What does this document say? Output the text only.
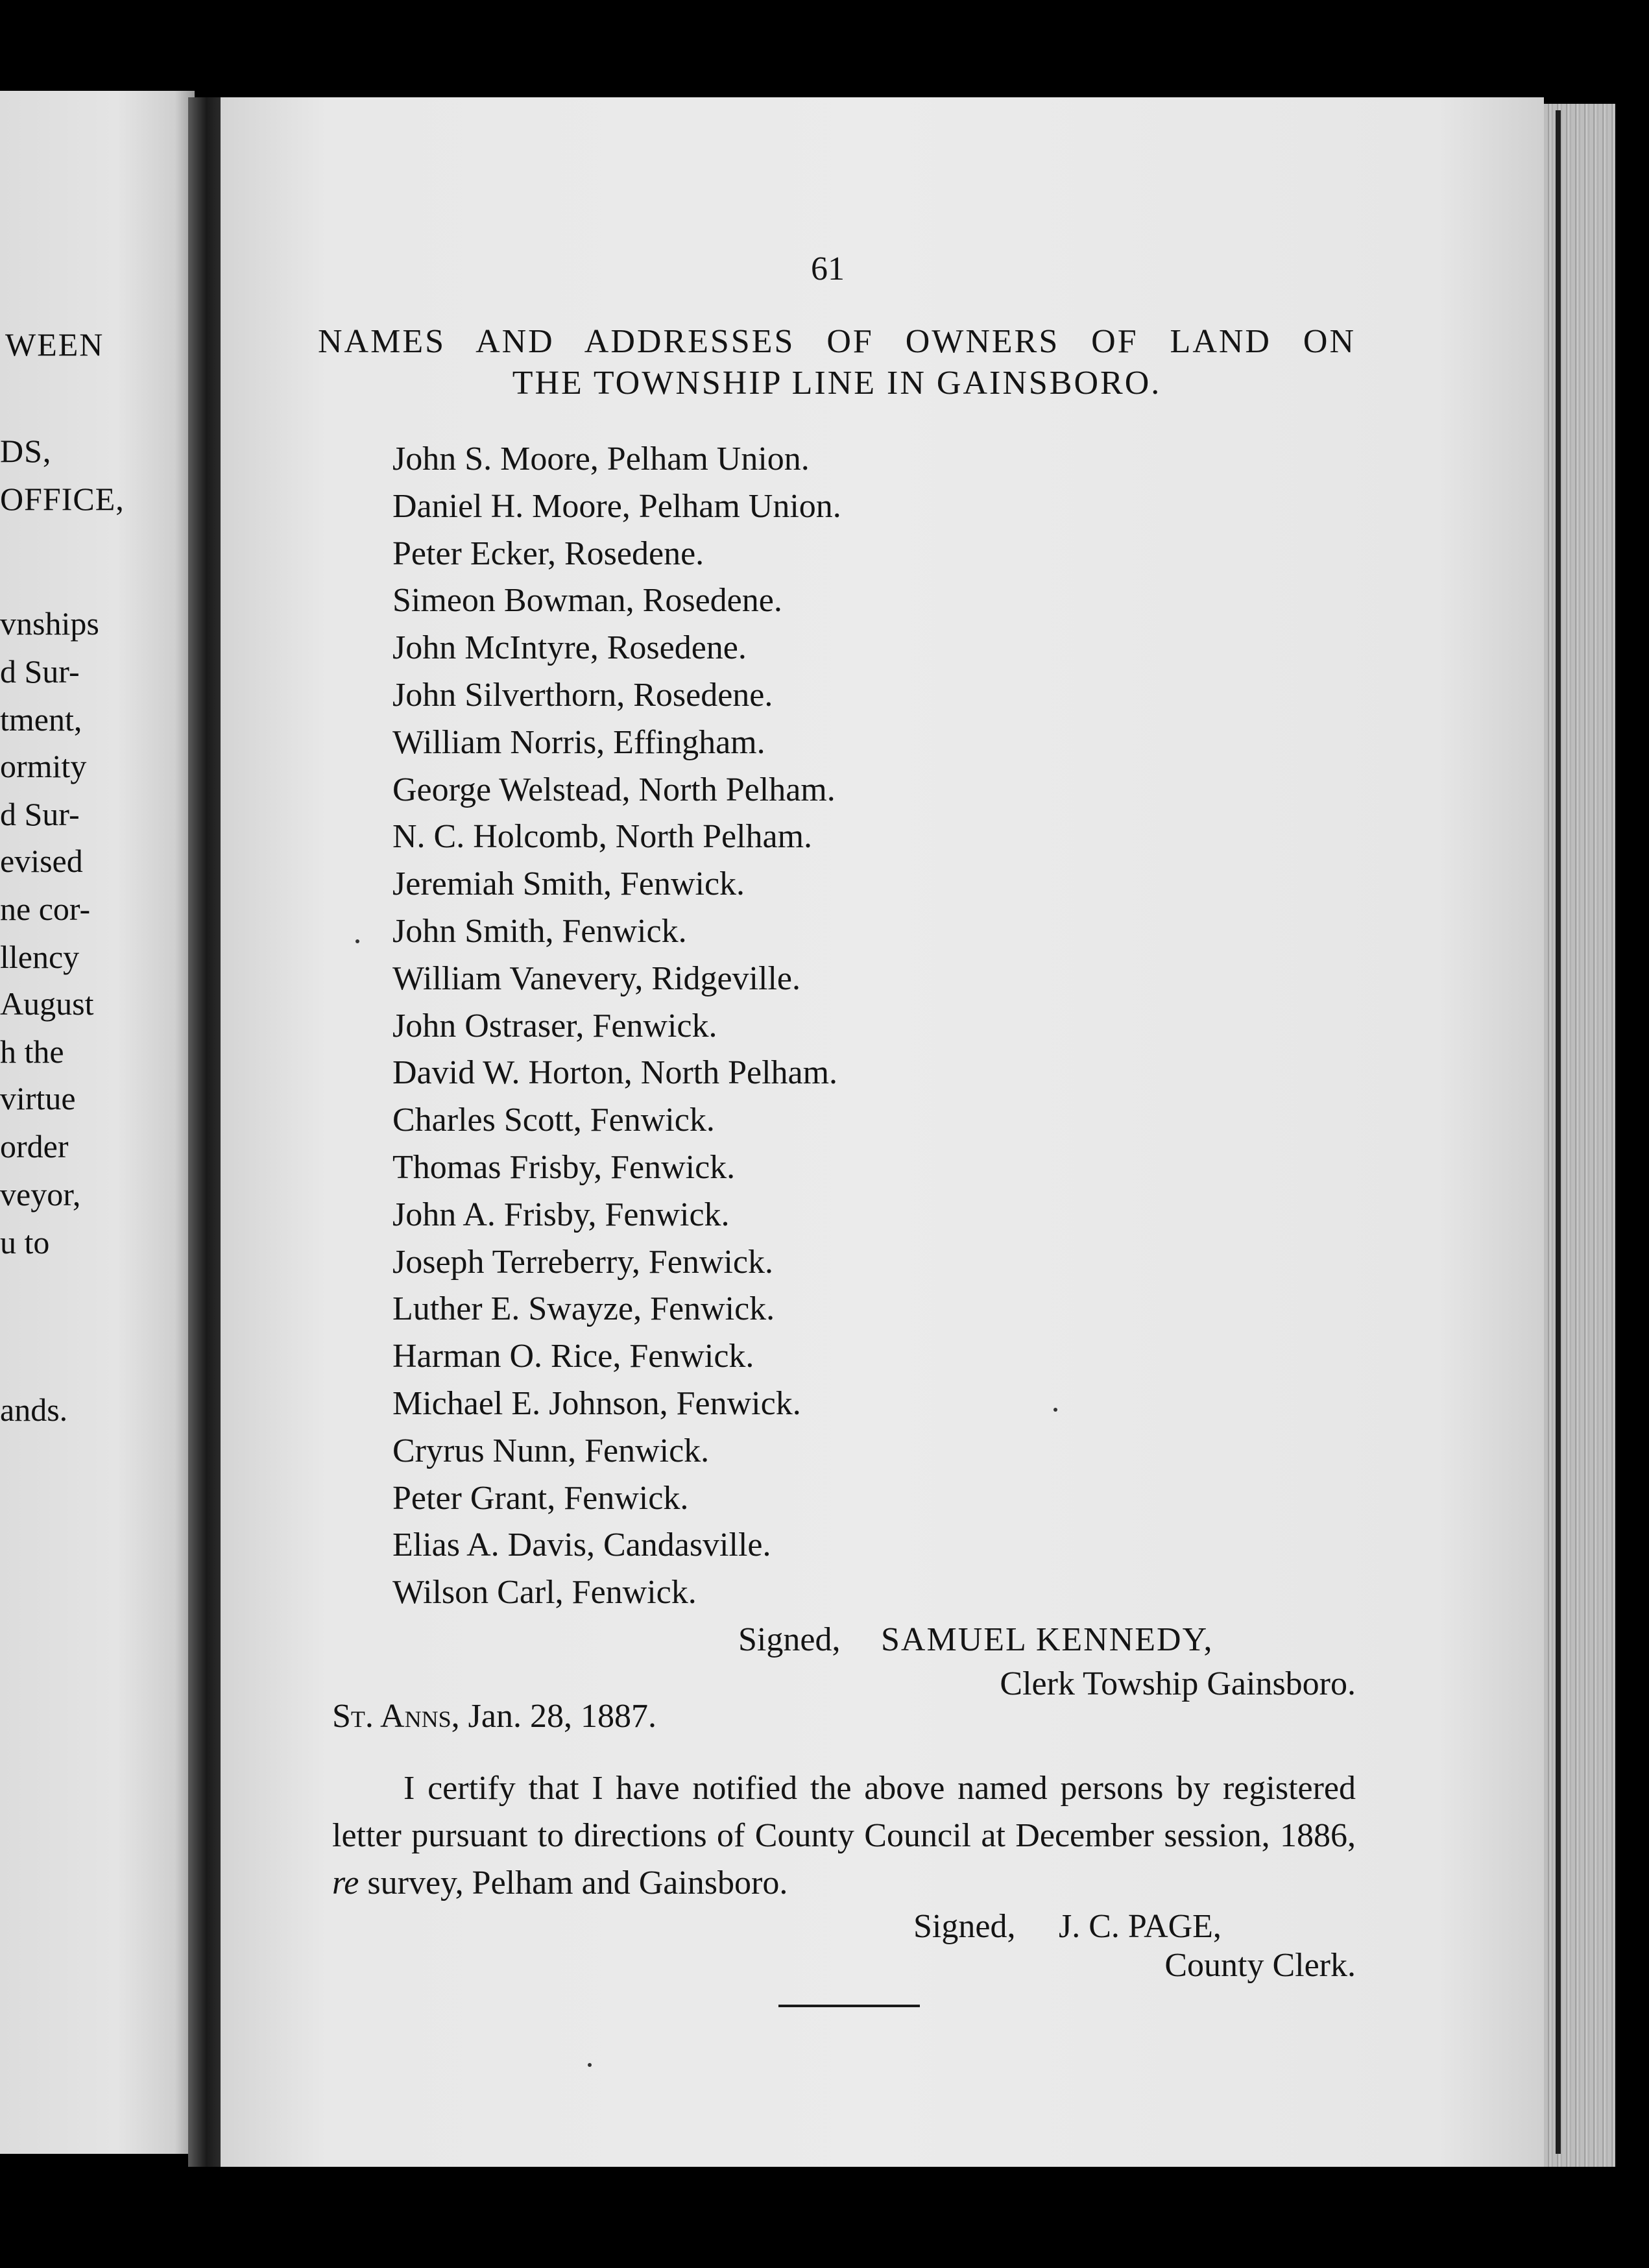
WEEN
DS,
OFFICE,
vnships
d Sur-
tment,
ormity
d Sur-
evised
ne cor-
llency
August
h the
virtue
order
veyor,
u to
ands.
61
NAMES AND ADDRESSES OF OWNERS OF LAND ON
THE TOWNSHIP LINE IN GAINSBORO.
John S. Moore, Pelham Union.
Daniel H. Moore, Pelham Union.
Peter Ecker, Rosedene.
Simeon Bowman, Rosedene.
John McIntyre, Rosedene.
John Silverthorn, Rosedene.
William Norris, Effingham.
George Welstead, North Pelham.
N. C. Holcomb, North Pelham.
Jeremiah Smith, Fenwick.
John Smith, Fenwick.
William Vanevery, Ridgeville.
John Ostraser, Fenwick.
David W. Horton, North Pelham.
Charles Scott, Fenwick.
Thomas Frisby, Fenwick.
John A. Frisby, Fenwick.
Joseph Terreberry, Fenwick.
Luther E. Swayze, Fenwick.
Harman O. Rice, Fenwick.
Michael E. Johnson, Fenwick.
Cryrus Nunn, Fenwick.
Peter Grant, Fenwick.
Elias A. Davis, Candasville.
Wilson Carl, Fenwick.
Signed, SAMUEL KENNEDY,
Clerk Towship Gainsboro.
St. Anns, Jan. 28, 1887.

I certify that I have notified the above named persons by registered letter pursuant to directions of County Council at December session, 1886, re survey, Pelham and Gainsboro.

Signed, J. C. PAGE,
County Clerk.
